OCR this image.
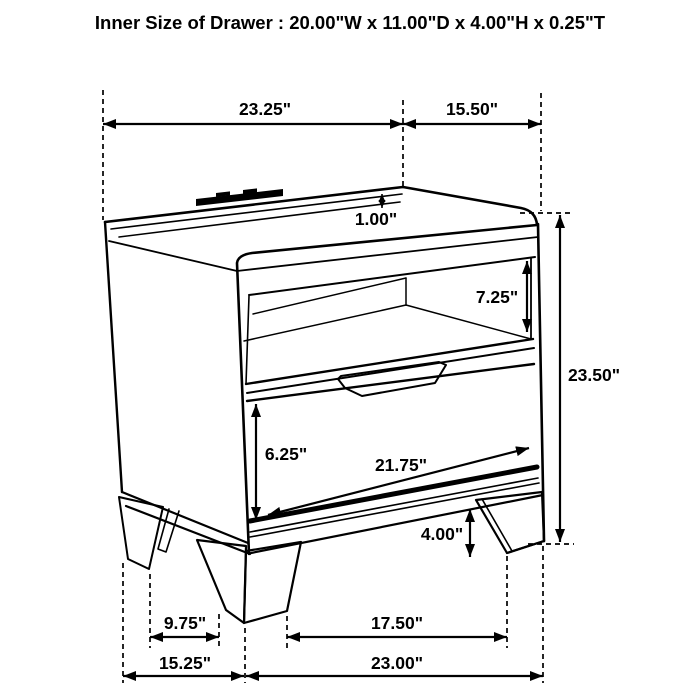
Inner Size of Drawer : 20.00"W x 11.00"D x 4.00"H x 0.25"T
23.25"	15.50"
1.00"
7.25"
23.50"
6.25"
21.75"
4.00"
9.75"	17.50"
15.25"	23.00"
